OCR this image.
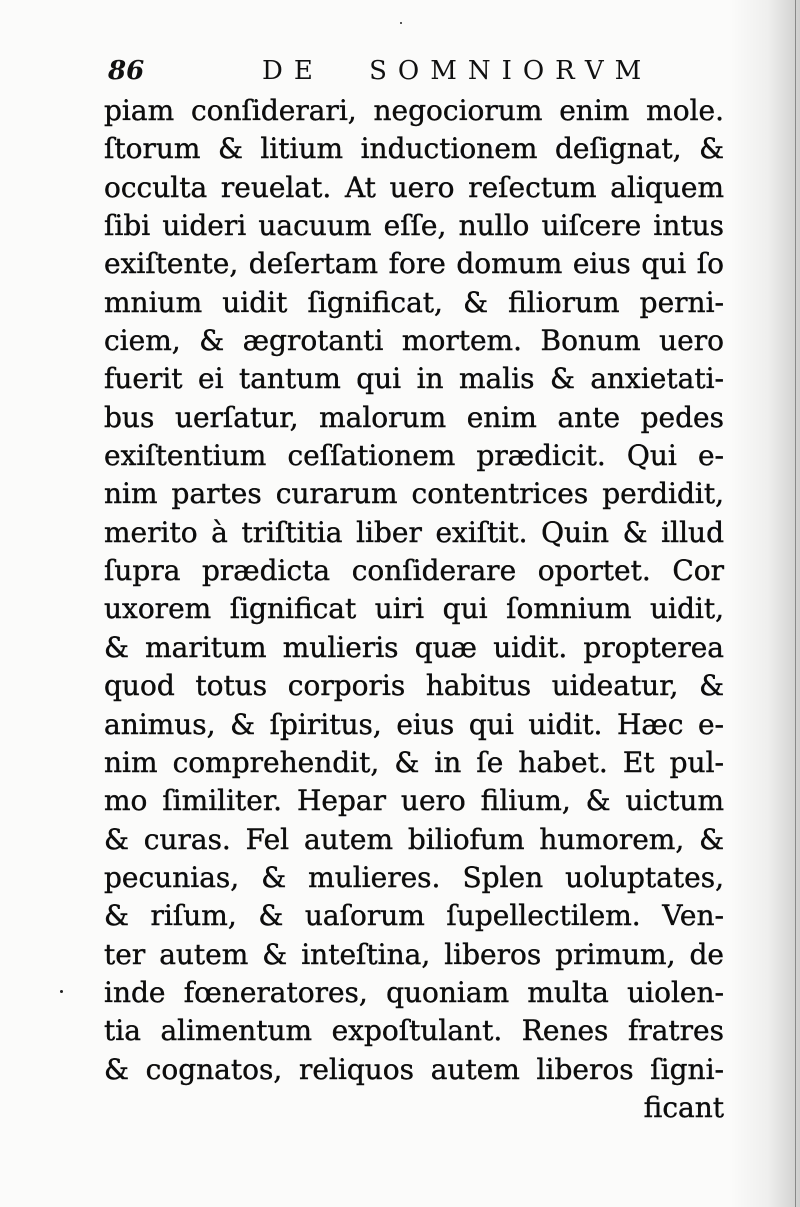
86	DE SOMNIORVM
piam conſiderari, negociorum enim mole.
ſtorum & litium inductionem deſignat, &
occulta reuelat. At uero reſectum aliquem
ſibi uideri uacuum eſſe, nullo uiſcere intus
exiſtente, deſertam fore domum eius qui ſo
mnium uidit ſignificat, & filiorum perni-
ciem, & ægrotanti mortem. Bonum uero
fuerit ei tantum qui in malis & anxietati-
bus uerſatur, malorum enim ante pedes
exiſtentium ceſſationem prædicit. Qui e-
nim partes curarum contentrices perdidit,
merito à triſtitia liber exiſtit. Quin & illud
ſupra prædicta conſiderare oportet. Cor
uxorem ſignificat uiri qui ſomnium uidit,
& maritum mulieris quæ uidit. propterea
quod totus corporis habitus uideatur, &
animus, & ſpiritus, eius qui uidit. Hæc e-
nim comprehendit, & in ſe habet. Et pul-
mo ſimiliter. Hepar uero filium, & uictum
& curas. Fel autem biliofum humorem, &
pecunias, & mulieres. Splen uoluptates,
& riſum, & uaſorum ſupellectilem. Ven-
ter autem & inteſtina, liberos primum, de
inde fœneratores, quoniam multa uiolen-
tia alimentum expoſtulant. Renes fratres
& cognatos, reliquos autem liberos ſigni-
ficant
